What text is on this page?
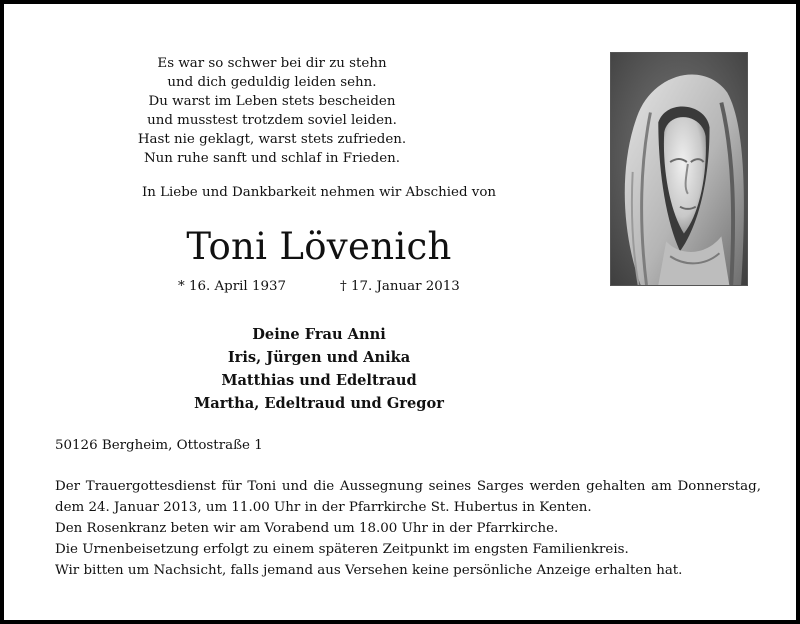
Es war so schwer bei dir zu stehn
und dich geduldig leiden sehn.
Du warst im Leben stets bescheiden
und musstest trotzdem soviel leiden.
Hast nie geklagt, warst stets zufrieden.
Nun ruhe sanft und schlaf in Frieden.
In Liebe und Dankbarkeit nehmen wir Abschied von
Toni Lövenich
* 16. April 1937	† 17. Januar 2013
Deine Frau Anni
Iris, Jürgen und Anika
Matthias und Edeltraud
Martha, Edeltraud und Gregor
50126 Bergheim, Ottostraße 1

Der Trauergottesdienst für Toni und die Aussegnung seines Sarges werden gehalten am Donnerstag, dem 24. Januar 2013, um 11.00 Uhr in der Pfarrkirche St. Hubertus in Kenten.

Den Rosenkranz beten wir am Vorabend um 18.00 Uhr in der Pfarrkirche.

Die Urnenbeisetzung erfolgt zu einem späteren Zeitpunkt im engsten Familienkreis.

Wir bitten um Nachsicht, falls jemand aus Versehen keine persönliche Anzeige erhalten hat.
